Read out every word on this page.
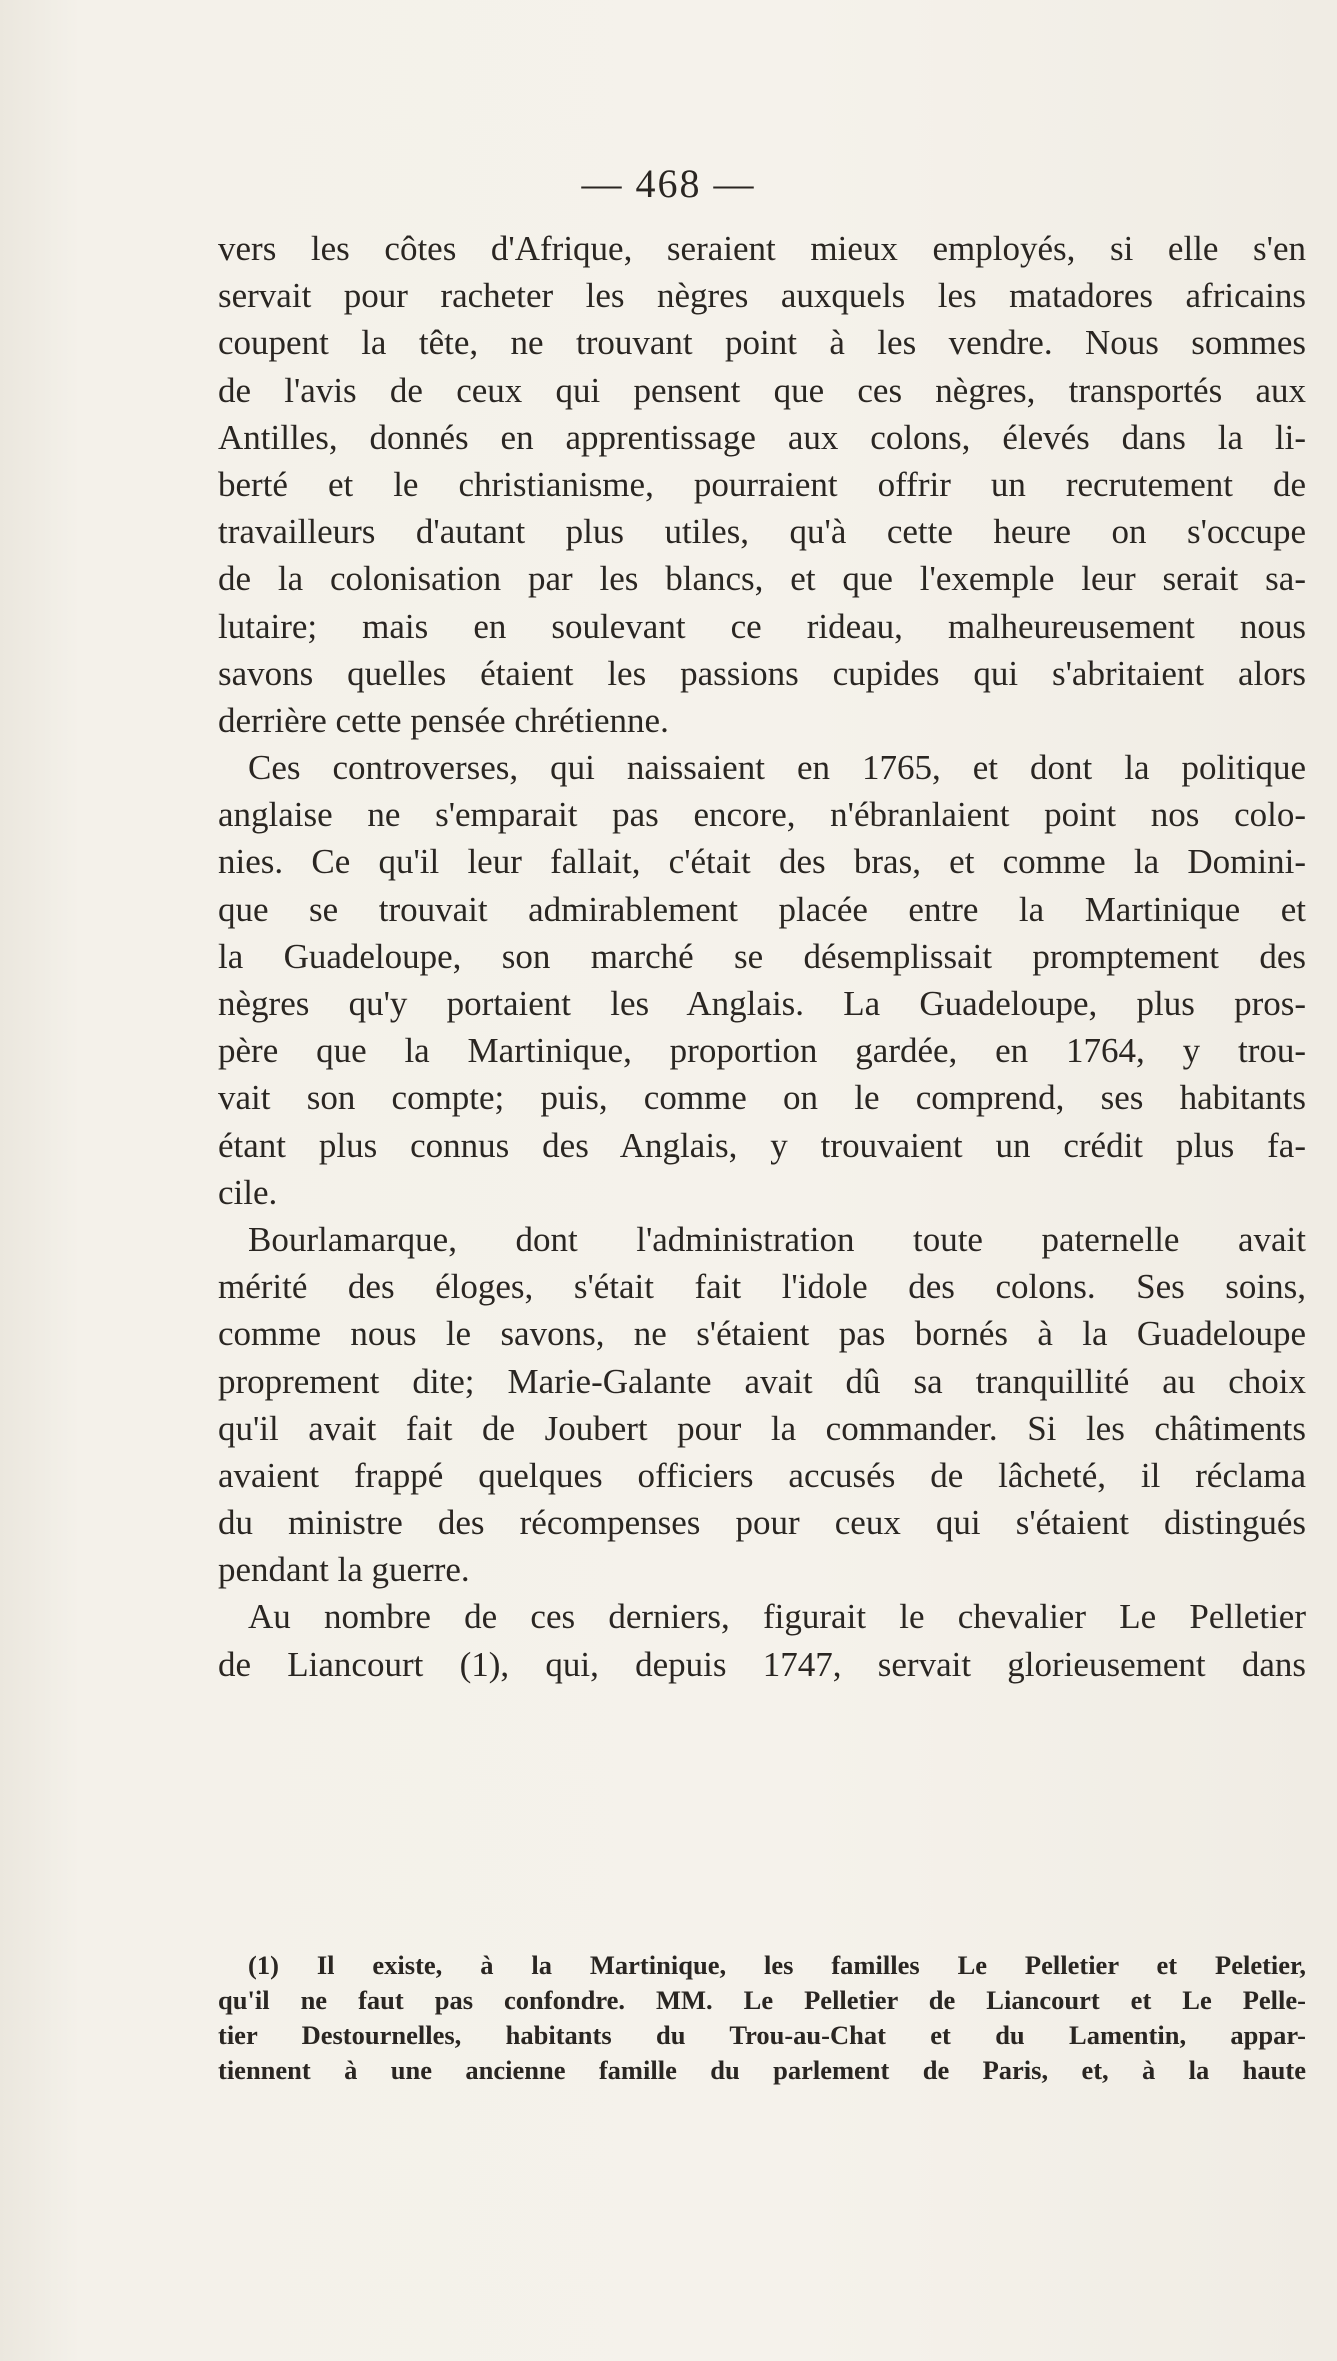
— 468 —
vers les côtes d'Afrique, seraient mieux employés, si elle s'en
servait pour racheter les nègres auxquels les matadores africains
coupent la tête, ne trouvant point à les vendre. Nous sommes
de l'avis de ceux qui pensent que ces nègres, transportés aux
Antilles, donnés en apprentissage aux colons, élevés dans la li-
berté et le christianisme, pourraient offrir un recrutement de
travailleurs d'autant plus utiles, qu'à cette heure on s'occupe
de la colonisation par les blancs, et que l'exemple leur serait sa-
lutaire; mais en soulevant ce rideau, malheureusement nous
savons quelles étaient les passions cupides qui s'abritaient alors
derrière cette pensée chrétienne.
Ces controverses, qui naissaient en 1765, et dont la politique
anglaise ne s'emparait pas encore, n'ébranlaient point nos colo-
nies. Ce qu'il leur fallait, c'était des bras, et comme la Domini-
que se trouvait admirablement placée entre la Martinique et
la Guadeloupe, son marché se désemplissait promptement des
nègres qu'y portaient les Anglais. La Guadeloupe, plus pros-
père que la Martinique, proportion gardée, en 1764, y trou-
vait son compte; puis, comme on le comprend, ses habitants
étant plus connus des Anglais, y trouvaient un crédit plus fa-
cile.
Bourlamarque, dont l'administration toute paternelle avait
mérité des éloges, s'était fait l'idole des colons. Ses soins,
comme nous le savons, ne s'étaient pas bornés à la Guadeloupe
proprement dite; Marie-Galante avait dû sa tranquillité au choix
qu'il avait fait de Joubert pour la commander. Si les châtiments
avaient frappé quelques officiers accusés de lâcheté, il réclama
du ministre des récompenses pour ceux qui s'étaient distingués
pendant la guerre.
Au nombre de ces derniers, figurait le chevalier Le Pelletier
de Liancourt (1), qui, depuis 1747, servait glorieusement dans
(1) Il existe, à la Martinique, les familles Le Pelletier et Peletier,
qu'il ne faut pas confondre. MM. Le Pelletier de Liancourt et Le Pelle-
tier Destournelles, habitants du Trou-au-Chat et du Lamentin, appar-
tiennent à une ancienne famille du parlement de Paris, et, à la haute
